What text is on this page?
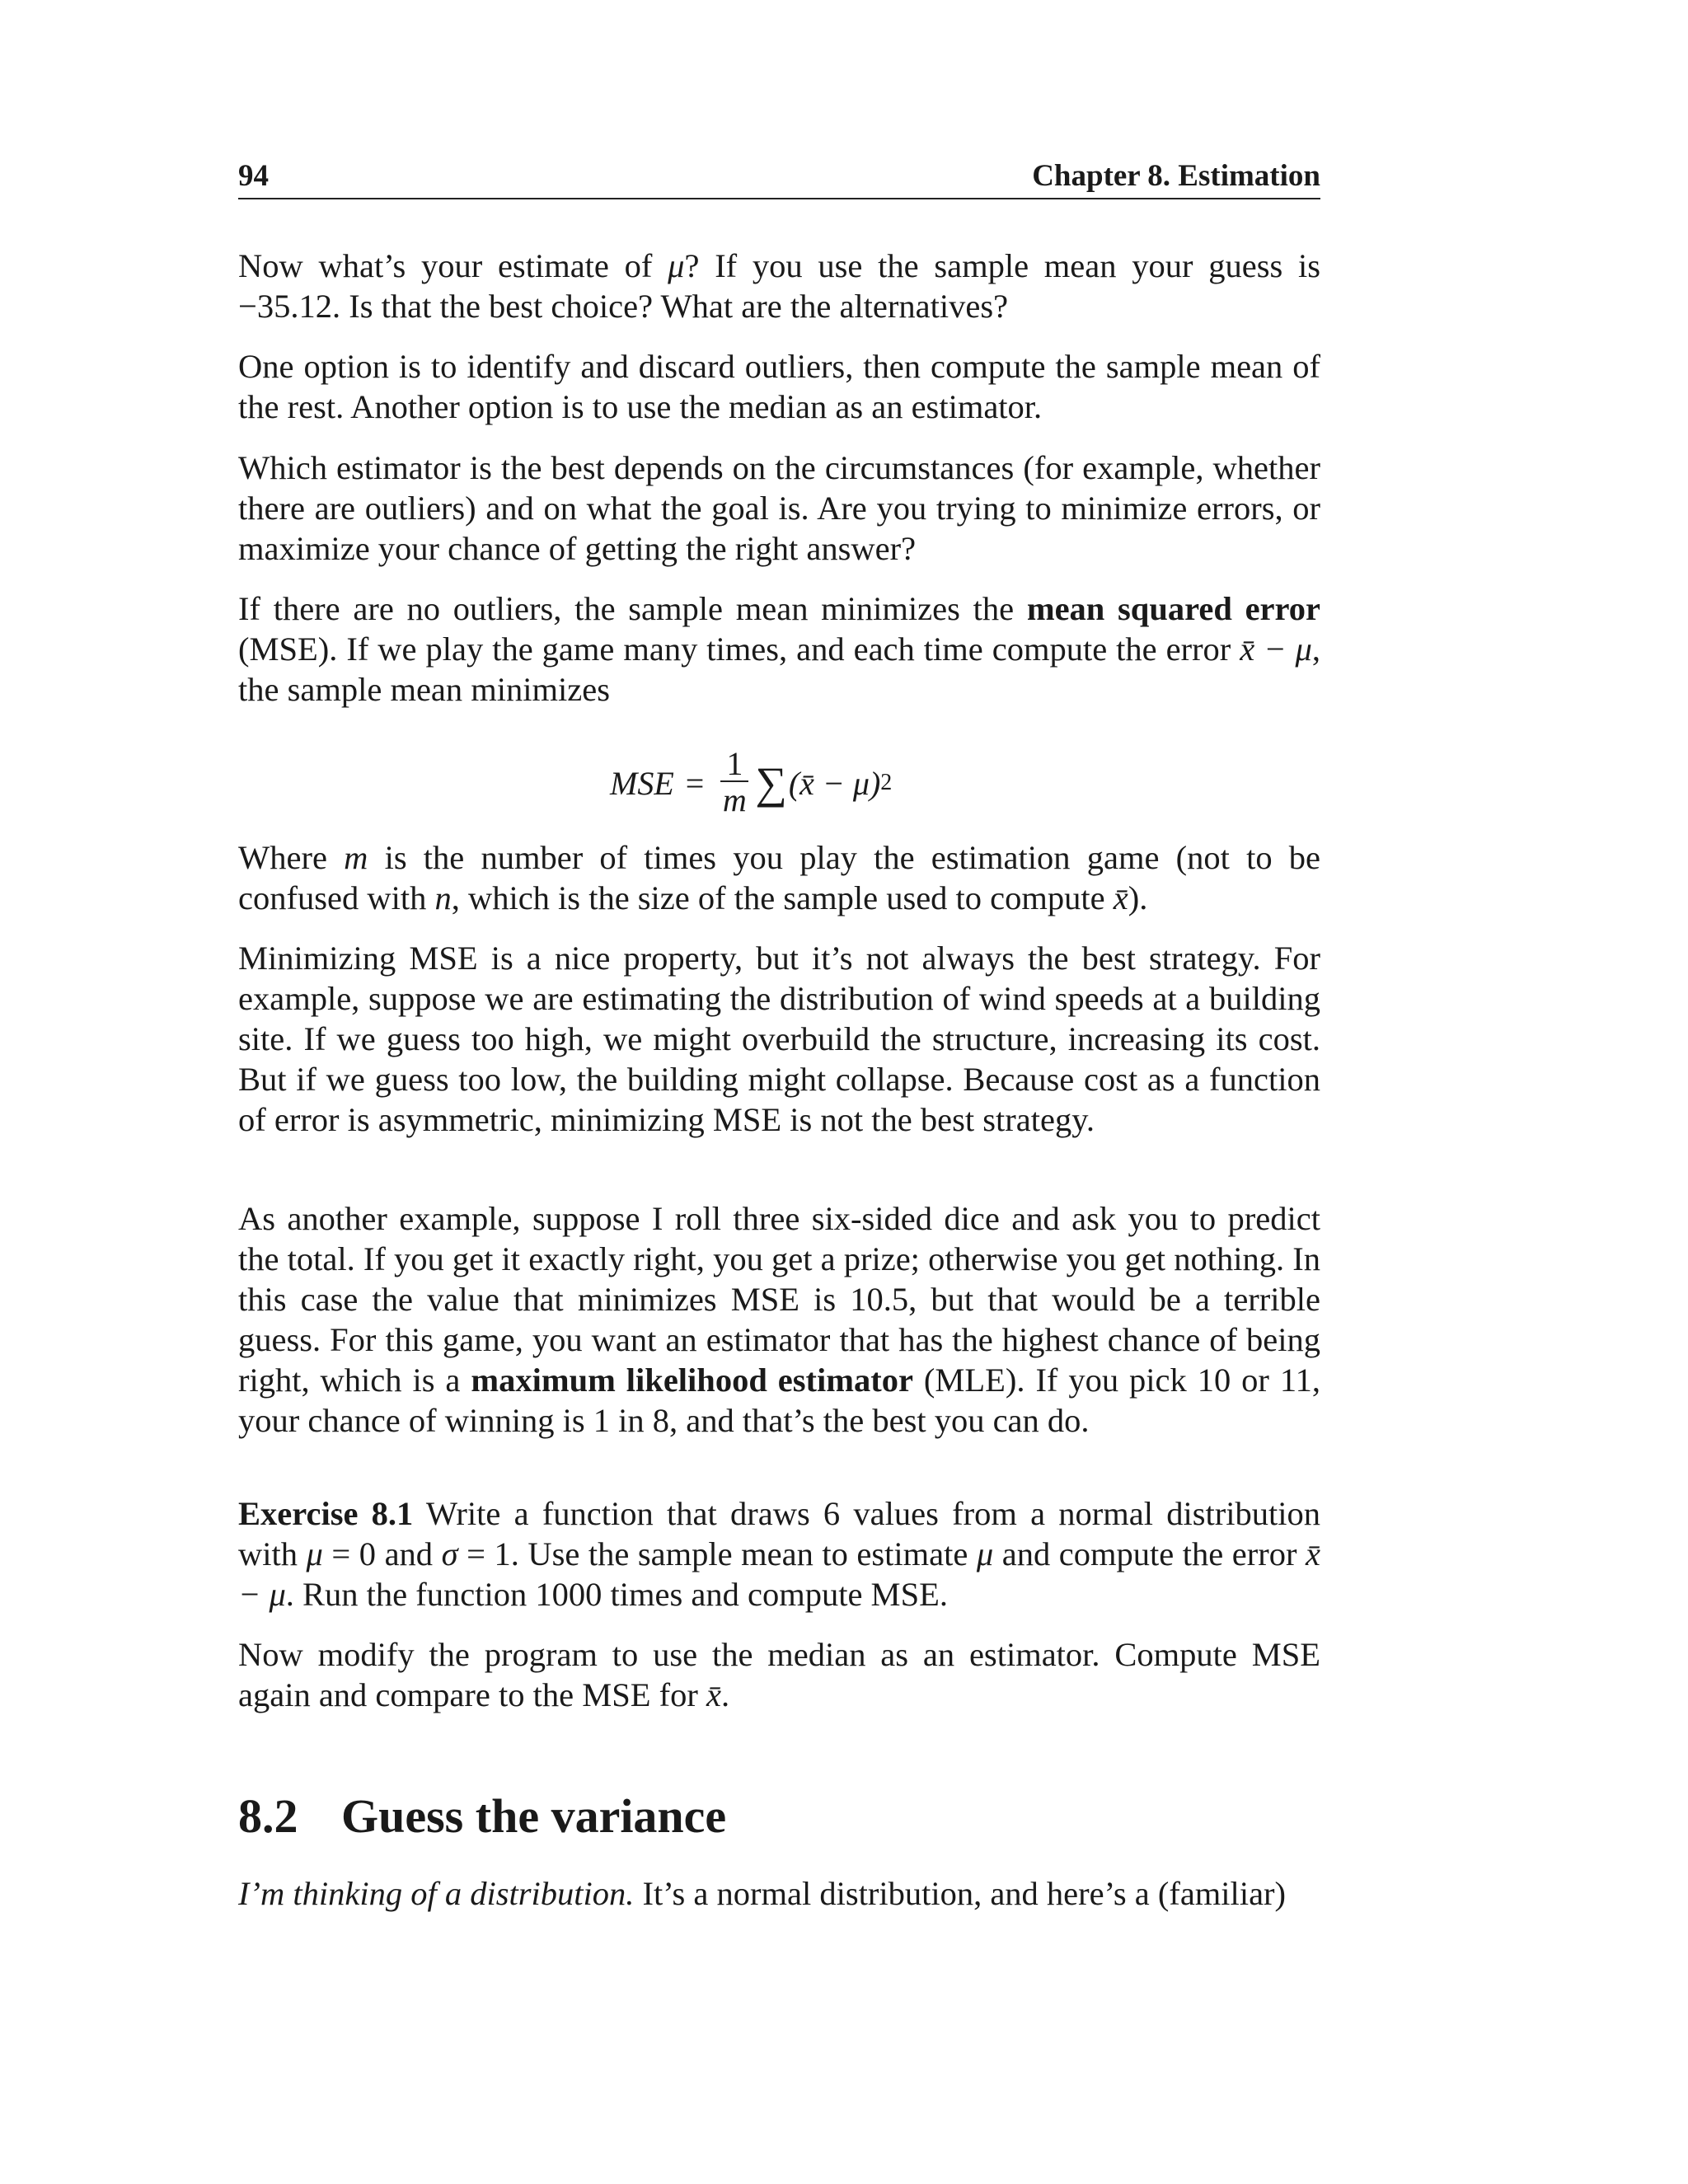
94	Chapter 8. Estimation

Now what’s your estimate of μ? If you use the sample mean your guess is −35.12. Is that the best choice? What are the alternatives?

One option is to identify and discard outliers, then compute the sample mean of the rest. Another option is to use the median as an estimator.

Which estimator is the best depends on the circumstances (for example, whether there are outliers) and on what the goal is. Are you trying to minimize errors, or maximize your chance of getting the right answer?

If there are no outliers, the sample mean minimizes the mean squared error (MSE). If we play the game many times, and each time compute the error x̄ − μ, the sample mean minimizes

MSE = $\frac{1}{m}$ ∑ (x̄ − μ) 2

Where m is the number of times you play the estimation game (not to be confused with n, which is the size of the sample used to compute x̄).

Minimizing MSE is a nice property, but it’s not always the best strategy. For example, suppose we are estimating the distribution of wind speeds at a building site. If we guess too high, we might overbuild the structure, increasing its cost. But if we guess too low, the building might collapse. Because cost as a function of error is asymmetric, minimizing MSE is not the best strategy.

As another example, suppose I roll three six-sided dice and ask you to predict the total. If you get it exactly right, you get a prize; otherwise you get nothing. In this case the value that minimizes MSE is 10.5, but that would be a terrible guess. For this game, you want an estimator that has the highest chance of being right, which is a maximum likelihood estimator (MLE). If you pick 10 or 11, your chance of winning is 1 in 8, and that’s the best you can do.

Exercise 8.1 Write a function that draws 6 values from a normal distribution with μ = 0 and σ = 1. Use the sample mean to estimate μ and compute the error x̄ − μ. Run the function 1000 times and compute MSE.

Now modify the program to use the median as an estimator. Compute MSE again and compare to the MSE for x̄.

8.2 Guess the variance

I’m thinking of a distribution. It’s a normal distribution, and here’s a (familiar)
